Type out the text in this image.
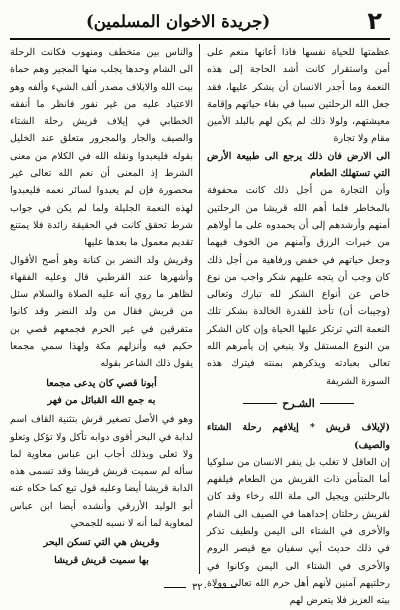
٢
(جريدة الاخوان المسلمين)

عظمتها للحياة نفسها فاذا أعانها منعم على أمن واستقرار كانت أشد الحاجة إلى هذه النعمة وما أجدر الانسان أن يشكر عليها، فقد جعل الله الرحلتين سببا في بقاء حياتهم وإقامة معيشتهم، ولولا ذلك لم يكن لهم بالبلد الأمين مقام ولا تجارة

الى الارض فان ذلك يرجع الى طبيعة الأرض التي تستهلك الطعام

وأن التجارة من أجل ذلك كانت محفوفة بالمخاطر فلما أهم الله قريشا من الرحلتين أمنهم وأرشدهم إلى أن يحمدوه على ما أولاهم من خيرات الرزق وآمنهم من الخوف فيهما وجعل حياتهم في خفض ورفاهية من أجل ذلك كان وجب أن يتجه عليهم شكر واجب من نوع خاص عن أنواع الشكر لله تبارك وتعالى (وجيبات أن) تأخذ للقدرة الخالدة بشكر تلك النعمة التي ترتكز عليها الحياة وإن كان الشكر من النوع المستقل ولا ينبغي إن يأمرهم الله تعالى بعبادته ويذكرهم بمنته فيترك هذه السورة الشريفة

الشـرح

(لإيلاف قريش * إيلافهم رحلة الشتاء والصيف)

إن العاقل لا تغلب بل ينفر الانسان من سلوكيا أما المتأمن ذات القريش من الطعام فيلفهم بالرحلتين ويجيل الى ملة الله رخاء وقد كان لقريش رحلتان إحداهما في الصيف الى الشام والأخرى في الشتاء الى اليمن ولطيف تذكر في ذلك حديث أبي سفيان مع قيصر الروم والأخرى في الشتاء الى اليمن وكانوا في رحلتيهم آمنين لأنهم أهل حرم الله تعالى وولاة بيته العزيز فلا يتعرض لهم

والناس بين متخطف ومنهوب فكانت الرحلة الى الشام وحدها يجلب منها المجير وهم حماة بيت الله والايلاف مصدر ألف الشيء وألفه وهو الاعتياد عليه من غير نفور فانظر ما أنفقه الخطابي في إيلاف قريش رحلة الشتاء والصيف والجار والمجرور متعلق عند الخليل بقوله فليعبدوا ونقله الله في الكلام من معنى الشرط إذ المعنى أن نعم الله تعالى غير محصورة فإن لم يعبدوا لسائر نعمه فليعبدوا لهذه النعمة الجليلة ولما لم يكن في جواب شرط تحقق كانت في الحقيقة زائدة فلا يمتنع تقديم معمول ما بعدها عليها

وقريش ولد النضر بن كنانة وهو أصح الأقوال وأشهرها عند القرطبي قال وعليه الفقهاء لظاهر ما روي أنه عليه الصلاة والسلام سئل من قريش فقال من ولد النضر وقد كانوا متفرقين في غير الحرم فجمعهم قصي بن حكيم فيه وأنزلهم مكة ولهذا سمي مجمعا يقول ذلك الشاعر بقوله

أبونا قصي كان يدعى مجمعا
به جمع الله القبائل من فهر

وهو في الأصل تصغير قرش بتثنية القاف اسم لدابة في البحر أقوى دوابه تأكل ولا تؤكل وتعلو ولا تعلى وبذلك أجاب ابن عباس معاوية لما سأله لم سميت قريش قريشا وقد تسمى هذه الدابة قريشا أيضا وعليه قول تبع كما حكاه عنه أبو الوليد الأزرقي وأنشده أيضا ابن عباس لمعاوية لما أنه لا نسبه للجمحي

وقريش هي التي تسكن البحر
بها سميت قريش قريشا
٣٢٠
